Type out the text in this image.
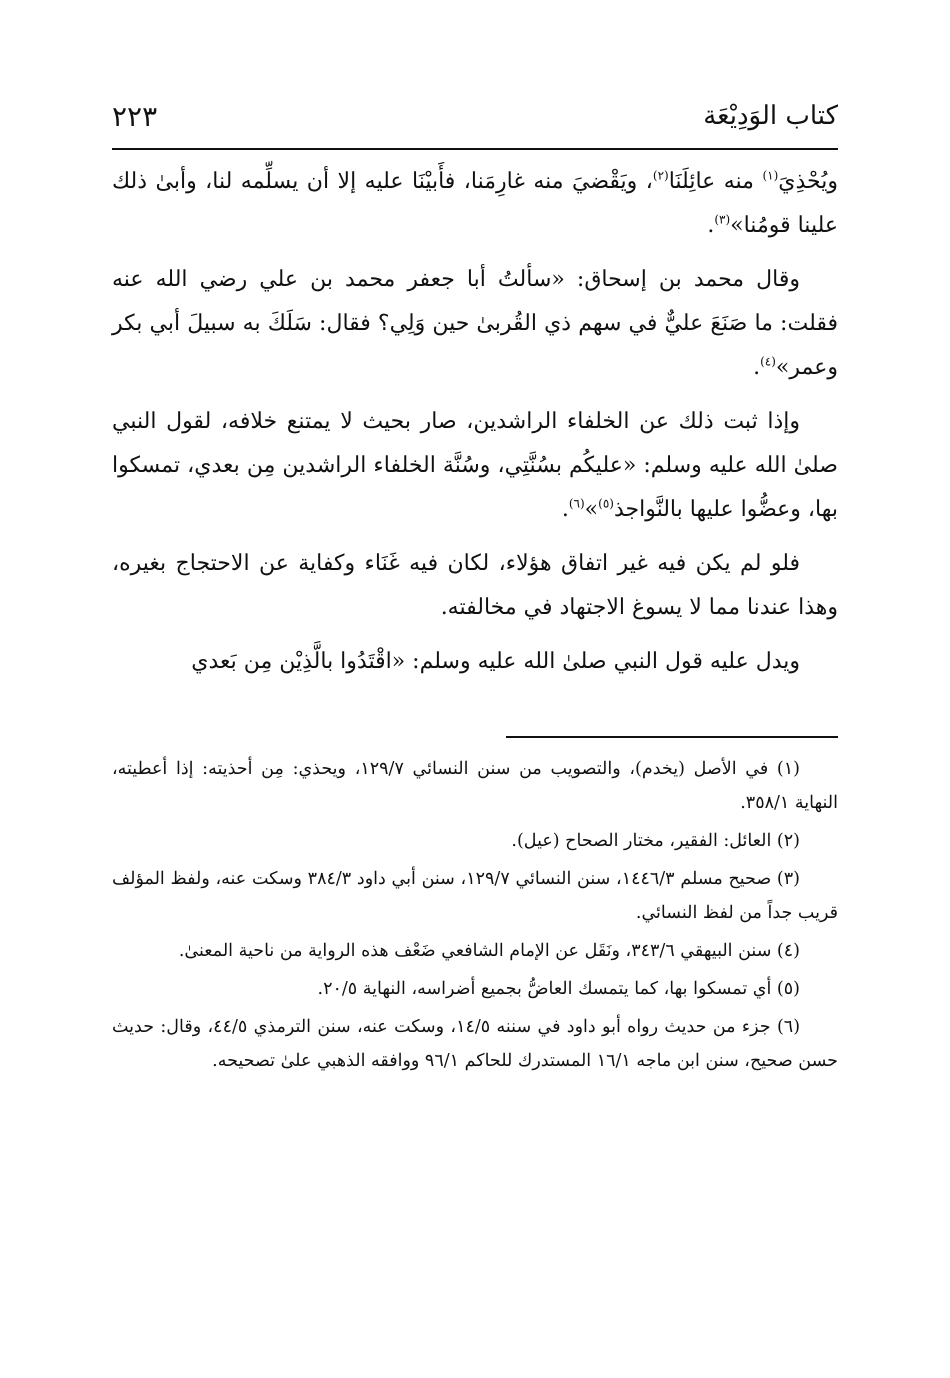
كتاب الوَدِيْعَة
٢٢٣

ويُحْذِيَ$^{(١)}$ منه عائِلَنَا$^{(٢)}$، ويَقْضيَ منه غارِمَنا، فأَبيْنَا عليه إلا أن يسلِّمه لنا، وأبىٰ ذلك علينا قومُنا»$^{(٣)}$.

وقال محمد بن إسحاق: «سألتُ أبا جعفر محمد بن علي رضي الله عنه فقلت: ما صَنَعَ عليٌّ في سهم ذي القُربىٰ حين وَلِي؟ فقال: سَلَكَ به سبيلَ أبي بكر وعمر»$^{(٤)}$.

وإذا ثبت ذلك عن الخلفاء الراشدين، صار بحيث لا يمتنع خلافه، لقول النبي صلىٰ الله عليه وسلم: «عليكُم بسُنَّتِي، وسُنَّة الخلفاء الراشدين مِن بعدي، تمسكوا بها، وعضُّوا عليها بالنَّواجذ$^{(٥)}$»$^{(٦)}$.

فلو لم يكن فيه غير اتفاق هؤلاء، لكان فيه غَنَاء وكفاية عن الاحتجاج بغيره، وهذا عندنا مما لا يسوغ الاجتهاد في مخالفته.

ويدل عليه قول النبي صلىٰ الله عليه وسلم: «اقْتَدُوا بالَّذِيْن مِن بَعدي

(١) في الأصل (يخدم)، والتصويب من سنن النسائي ١٢٩/٧، ويحذي: مِن أحذيته: إذا أعطيته، النهاية ٣٥٨/١.

(٢) العائل: الفقير، مختار الصحاح (عيل).

(٣) صحيح مسلم ١٤٤٦/٣، سنن النسائي ١٢٩/٧، سنن أبي داود ٣٨٤/٣ وسكت عنه، ولفظ المؤلف قريب جداً من لفظ النسائي.

(٤) سنن البيهقي ٣٤٣/٦، ونَقَل عن الإمام الشافعي ضَعْف هذه الرواية من ناحية المعنىٰ.

(٥) أي تمسكوا بها، كما يتمسك العاضُّ بجميع أضراسه، النهاية ٢٠/٥.

(٦) جزء من حديث رواه أبو داود في سننه ١٤/٥، وسكت عنه، سنن الترمذي ٤٤/٥، وقال: حديث حسن صحيح، سنن ابن ماجه ١٦/١ المستدرك للحاكم ٩٦/١ ووافقه الذهبي علىٰ تصحيحه.
